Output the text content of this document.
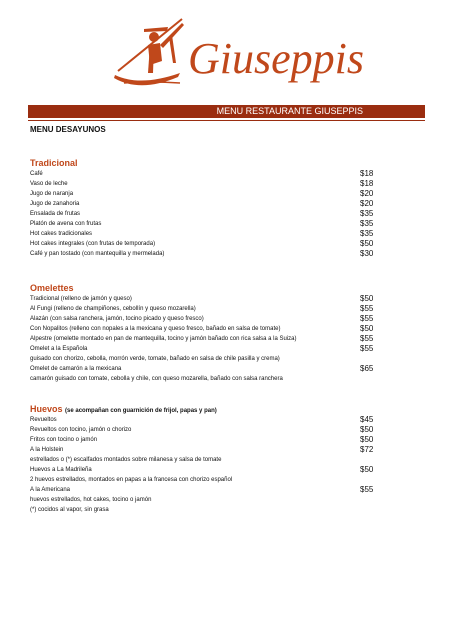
Giuseppis
MENU RESTAURANTE GIUSEPPIS
MENU DESAYUNOS
Tradicional
Café	$18
Vaso de leche	$18
Jugo de naranja	$20
Jugo de zanahoria	$20
Ensalada de frutas	$35
Platón de avena con frutas	$35
Hot cakes tradicionales	$35
Hot cakes integrales (con frutas de temporada)	$50
Café y pan tostado (con mantequilla y mermelada)	$30
Omelettes
Tradicional (relleno de jamón y queso)	$50
Al Fungi (relleno de champiñones, cebollín y queso mozarella)	$55
Alazán (con salsa ranchera, jamón, tocino picado y queso fresco)	$55
Con Nopalitos (relleno con nopales a la mexicana y queso fresco, bañado en salsa de tomate)	$50
Alpestre (omelette montado en pan de mantequilla, tocino y jamón bañado con rica salsa a la Suiza)	$55
Omelet a la Española	$55
guisado con chorizo, cebolla, morrón verde, tomate, bañado en salsa de chile pasilla y crema)
Omelet de camarón a la mexicana	$65
camarón guisado con tomate, cebolla y chile, con queso mozarella, bañado con salsa ranchera
Huevos (se acompañan con guarnición de frijol, papas y pan)
Revueltos	$45
Revueltos con tocino, jamón o chorizo	$50
Fritos con tocino o jamón	$50
A la Holstein	$72
estrellados o (*) escalfados montados sobre milanesa y salsa de tomate
Huevos a La Madrileña	$50
2 huevos estrellados, montados en papas a la francesa con chorizo español
A la Americana	$55
huevos estrellados, hot cakes, tocino o jamón
(*) cocidos al vapor, sin grasa
